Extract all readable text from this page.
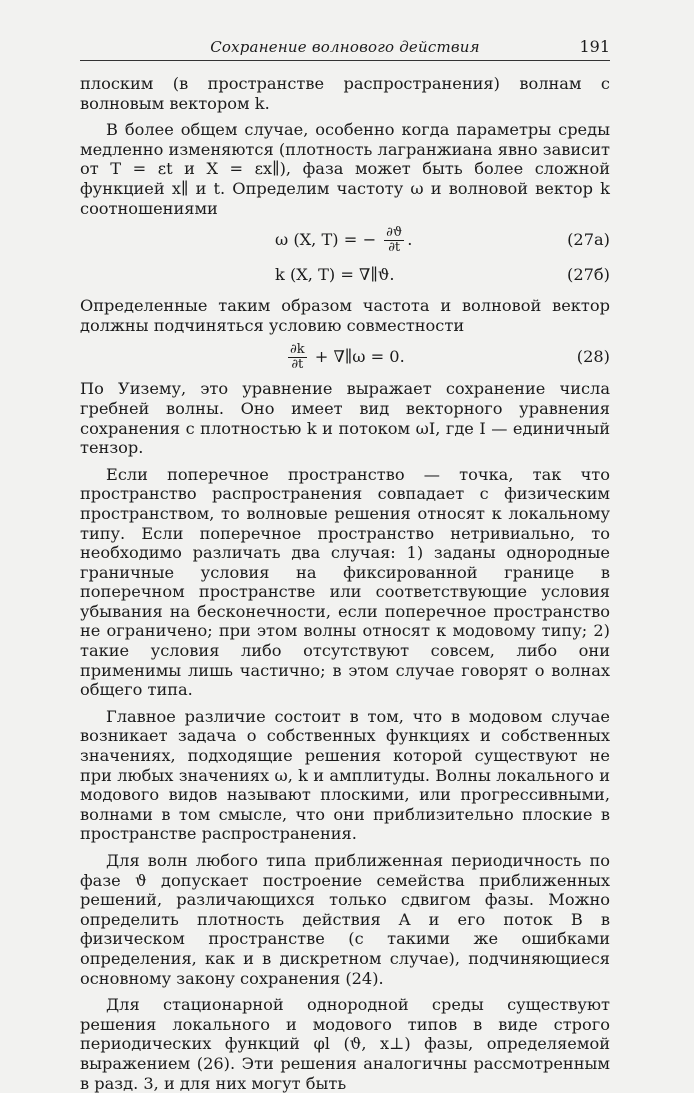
Сохранение волнового действия	191

плоским (в пространстве распространения) волнам с волновым вектором k.

В более общем случае, особенно когда параметры среды медленно изменяются (плотность лагранжиана явно зависит от T = εt и X = εx∥), фаза может быть более сложной функцией x∥ и t. Определим частоту ω и волновой вектор k соотношениями

ω (X, T) = − $\frac{\partial ϑ}{\partial t}$ .	(27а)
k (X, T) = ∇∥ϑ.	(27б)

Определенные таким образом частота и волновой вектор должны подчиняться условию совместности

$\frac{\partial k}{\partial t}$ + ∇∥ω = 0.	(28)

По Уизему, это уравнение выражает сохранение числа гребней волны. Оно имеет вид векторного уравнения сохранения с плотностью k и потоком ωI, где I — единичный тензор.

Если поперечное пространство — точка, так что пространство распространения совпадает с физическим пространством, то волновые решения относят к локальному типу. Если поперечное пространство нетривиально, то необходимо различать два случая: 1) заданы однородные граничные условия на фиксированной границе в поперечном пространстве или соответствующие условия убывания на бесконечности, если поперечное пространство не ограничено; при этом волны относят к модовому типу; 2) такие условия либо отсутствуют совсем, либо они применимы лишь частично; в этом случае говорят о волнах общего типа.

Главное различие состоит в том, что в модовом случае возникает задача о собственных функциях и собственных значениях, подходящие решения которой существуют не при любых значениях ω, k и амплитуды. Волны локального и модового видов называют плоскими, или прогрессивными, волнами в том смысле, что они приблизительно плоские в пространстве распространения.

Для волн любого типа приближенная периодичность по фазе ϑ допускает построение семейства приближенных решений, различающихся только сдвигом фазы. Можно определить плотность действия A и его поток B в физическом пространстве (с такими же ошибками определения, как и в дискретном случае), подчиняющиеся основному закону сохранения (24).

Для стационарной однородной среды существуют решения локального и модового типов в виде строго периодических функций φl (ϑ, x⊥) фазы, определяемой выражением (26). Эти решения аналогичны рассмотренным в разд. 3, и для них могут быть
